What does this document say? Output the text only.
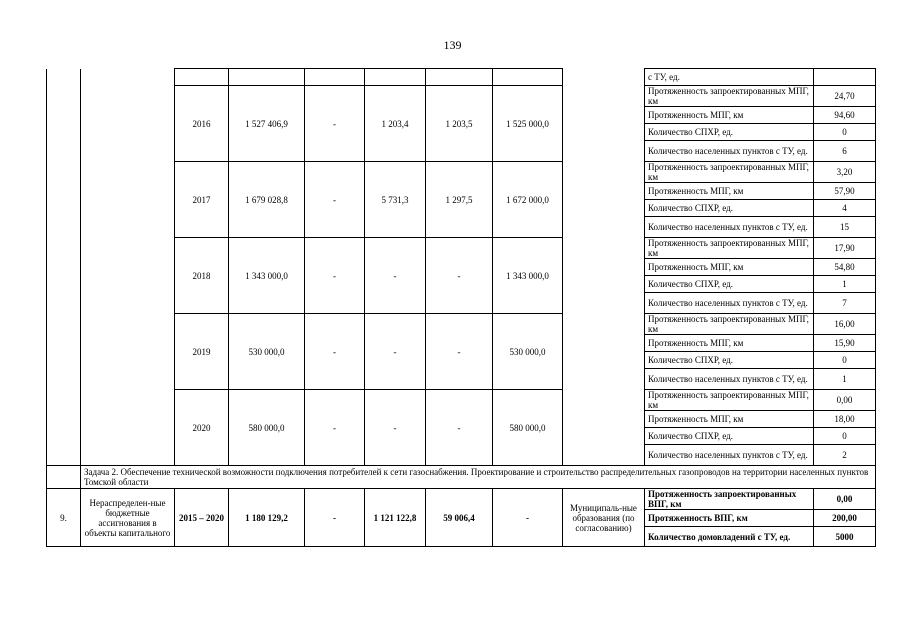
139
									с ТУ, ед.	
		2016	1 527 406,9	-	1 203,4	1 203,5	1 525 000,0		Протяженность запроектированных МПГ, км	24,70
									Протяженность МПГ, км	94,60
									Количество СПХР, ед.	0
									Количество населенных пунктов с ТУ, ед.	6
		2017	1 679 028,8	-	5 731,3	1 297,5	1 672 000,0		Протяженность запроектированных МПГ, км	3,20
									Протяженность МПГ, км	57,90
									Количество СПХР, ед.	4
									Количество населенных пунктов с ТУ, ед.	15
		2018	1 343 000,0	-	-	-	1 343 000,0		Протяженность запроектированных МПГ, км	17,90
									Протяженность МПГ, км	54,80
									Количество СПХР, ед.	1
									Количество населенных пунктов с ТУ, ед.	7
		2019	530 000,0	-	-	-	530 000,0		Протяженность запроектированных МПГ, км	16,00
									Протяженность МПГ, км	15,90
									Количество СПХР, ед.	0
									Количество населенных пунктов с ТУ, ед.	1
		2020	580 000,0	-	-	-	580 000,0		Протяженность запроектированных МПГ, км	0,00
									Протяженность МПГ, км	18,00
									Количество СПХР, ед.	0
									Количество населенных пунктов с ТУ, ед.	2
	Задача 2. Обеспечение технической возможности подключения потребителей к сети газоснабжения. Проектирование и строительство распределительных газопроводов на территории населенных пунктов Томской области									
9.	Нераспределен-ные бюджетные ассигнования в объекты капитального	2015 – 2020	1 180 129,2	-	1 121 122,8	59 006,4	-	Муниципаль-ные образования (по согласованию)	Протяженность запроектированных ВПГ, км	0,00
									Протяженность ВПГ, км	200,00
									Количество домовладений с ТУ, ед.	5000
